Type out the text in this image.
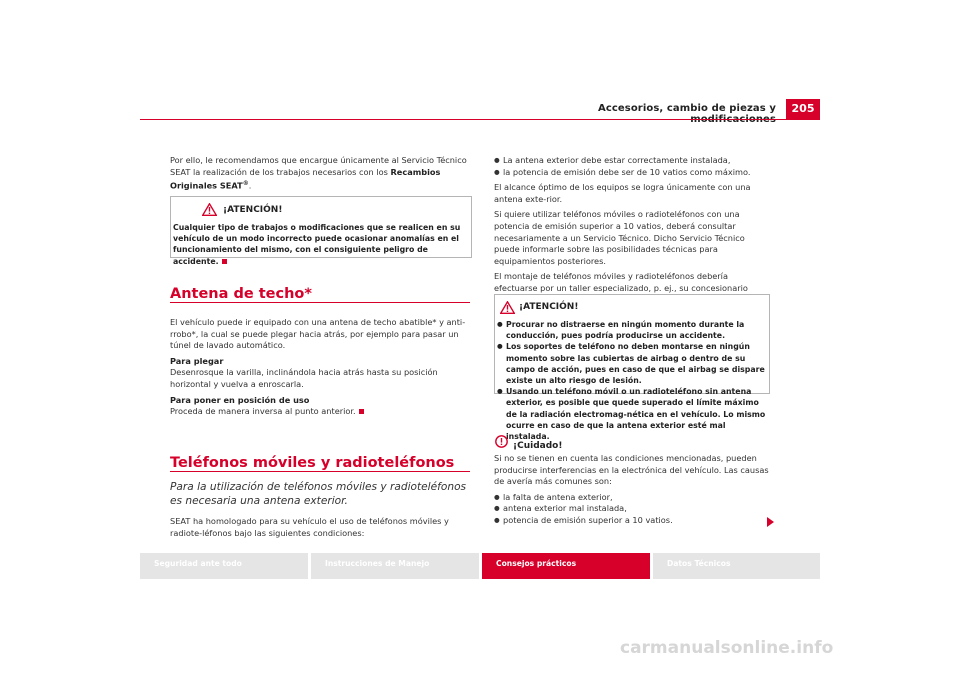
Accesorios, cambio de piezas y	205
Por ello, le recomendamos que encargue únicamente al Servicio Técnico SEAT la realización de los trabajos necesarios con los Recambios Originales SEAT®.
¡ATENCIÓN!
Cualquier tipo de trabajos o modificaciones que se realicen en su vehículo de un modo incorrecto puede ocasionar anomalías en el funcionamiento del mismo, con el consiguiente peligro de accidente.
Antena de techo*

El vehículo puede ir equipado con una antena de techo abatible* y anti-rrobo*, la cual se puede plegar hacia atrás, por ejemplo para pasar un túnel de lavado automático.

Para plegar

Desenrosque la varilla, inclinándola hacia atrás hasta su posición horizontal y vuelva a enroscarla.

Para poner en posición de uso

Proceda de manera inversa al punto anterior.

Teléfonos móviles y radioteléfonos
Para la utilización de teléfonos móviles y radioteléfonos es necesaria una antena exterior.
SEAT ha homologado para su vehículo el uso de teléfonos móviles y radiote-léfonos bajo las siguientes condiciones:
● La antena exterior debe estar correctamente instalada,
● la potencia de emisión debe ser de 10 vatios como máximo.

El alcance óptimo de los equipos se logra únicamente con una antena exte-rior.

Si quiere utilizar teléfonos móviles o radioteléfonos con una potencia de emisión superior a 10 vatios, deberá consultar necesariamente a un Servicio Técnico. Dicho Servicio Técnico puede informarle sobre las posibilidades técnicas para equipamientos posteriores.

El montaje de teléfonos móviles y radioteléfonos debería efectuarse por un taller especializado, p. ej., su concesionario

¡ATENCIÓN!
● Procurar no distraerse en ningún momento durante la conducción, pues podría producirse un accidente.
● Los soportes de teléfono no deben montarse en ningún momento sobre las cubiertas de airbag o dentro de su campo de acción, pues en caso de que el airbag se dispare existe un alto riesgo de lesión.
● Usando un teléfono móvil o un radioteléfono sin antena exterior, es posible que quede superado el límite máximo de la radiación electromag-nética en el vehículo. Lo mismo ocurre en caso de que la antena exterior esté mal instalada.
¡Cuidado!

Si no se tienen en cuenta las condiciones mencionadas, pueden producirse interferencias en la electrónica del vehículo. Las causas de avería más comunes son:

● la falta de antena exterior,
● antena exterior mal instalada,
● potencia de emisión superior a 10 vatios.
Seguridad ante todo	Instrucciones de Manejo	Consejos prácticos	Datos Técnicos
carmanualsonline.info
